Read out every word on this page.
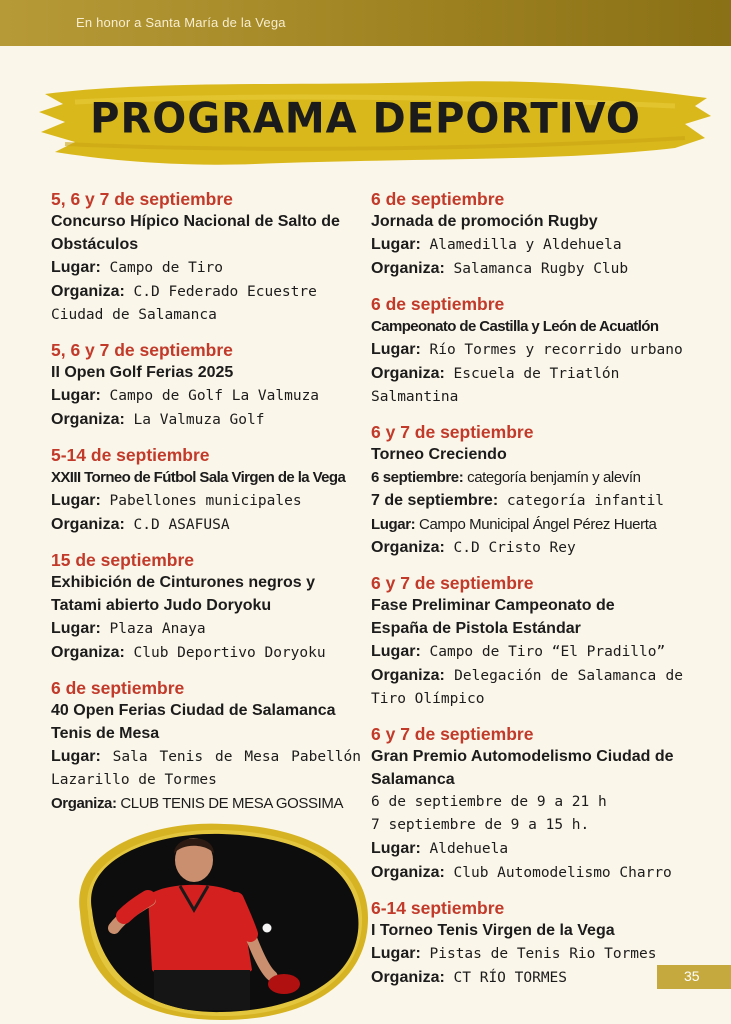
En honor a Santa María de la Vega
PROGRAMA DEPORTIVO
5, 6 y 7 de septiembre
Concurso Hípico Nacional de Salto de
Obstáculos
Lugar: Campo de Tiro
Organiza: C.D Federado Ecuestre
Ciudad de Salamanca
5, 6 y 7 de septiembre
II Open Golf Ferias 2025
Lugar: Campo de Golf La Valmuza
Organiza: La Valmuza Golf
5-14 de septiembre
XXIII Torneo de Fútbol Sala Virgen de la Vega
Lugar: Pabellones municipales
Organiza: C.D ASAFUSA
15 de septiembre
Exhibición de Cinturones negros y
Tatami abierto Judo Doryoku
Lugar: Plaza Anaya
Organiza: Club Deportivo Doryoku
6 de septiembre
40 Open Ferias Ciudad de Salamanca
Tenis de Mesa
Lugar: Sala Tenis de Mesa Pabellón
Lazarillo de Tormes
Organiza: CLUB TENIS DE MESA GOSSIMA
6 de septiembre
Jornada de promoción Rugby
Lugar: Alamedilla y Aldehuela
Organiza: Salamanca Rugby Club
6 de septiembre
Campeonato de Castilla y León de Acuatlón
Lugar: Río Tormes y recorrido urbano
Organiza: Escuela de Triatlón Salmantina
6 y 7 de septiembre
Torneo Creciendo
6 septiembre: categoría benjamín y alevín
7 de septiembre: categoría infantil
Lugar: Campo Municipal Ángel Pérez Huerta
Organiza: C.D Cristo Rey
6 y 7 de septiembre
Fase Preliminar Campeonato de
España de Pistola Estándar
Lugar: Campo de Tiro “El Pradillo”
Organiza: Delegación de Salamanca de
Tiro Olímpico
6 y 7 de septiembre
Gran Premio Automodelismo Ciudad de
Salamanca
6 de septiembre de 9 a 21 h
7 septiembre de 9 a 15 h.
Lugar: Aldehuela
Organiza: Club Automodelismo Charro
6-14 septiembre
I Torneo Tenis Virgen de la Vega
Lugar: Pistas de Tenis Rio Tormes
Organiza: CT RÍO TORMES	35
